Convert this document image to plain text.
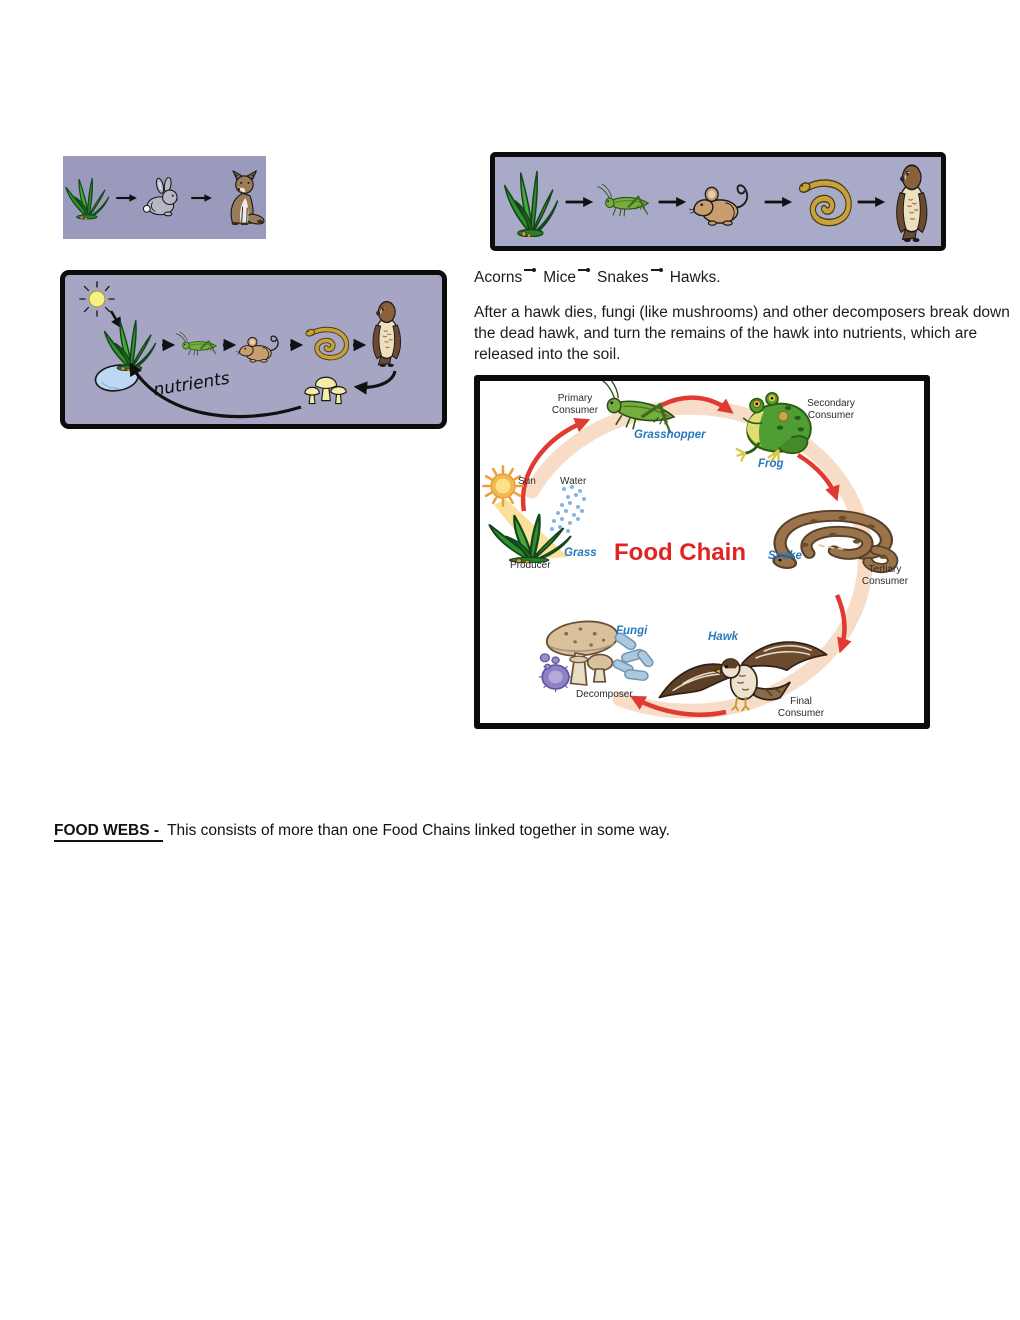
nutrients
Acorns Mice Snakes Hawks.
After a hawk dies, fungi (like mushrooms) and other decomposers break down the dead hawk, and turn the remains of the hawk into nutrients, which are released into the soil.
Food Chain
Primary Consumer
Grasshopper
Secondary Consumer
Frog
Sun Water
Grass
Producer
Snake
Tertiary Consumer
Fungi	Hawk
Decomposer
Final Consumer
FOOD WEBS - This consists of more than one Food Chains linked together in some way.
